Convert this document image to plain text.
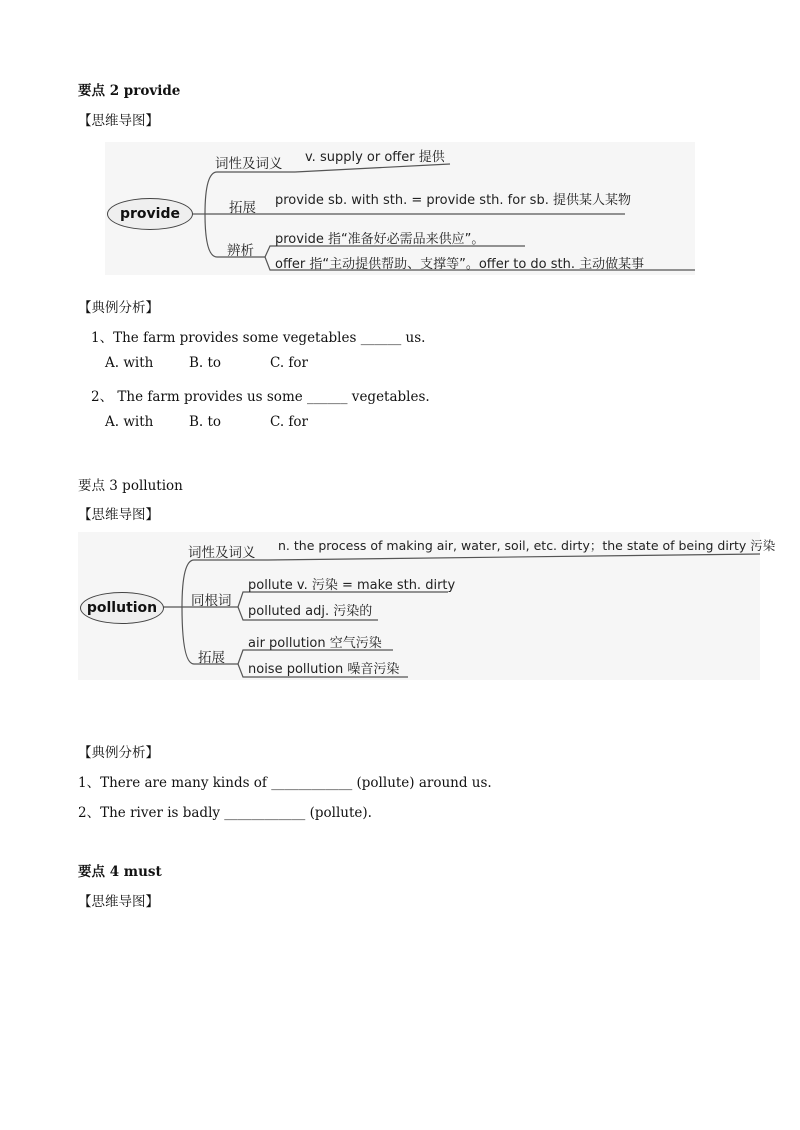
要点 2 provide
【思维导图】
provide
词性及词义 v. supply or offer 提供
拓展 provide sb. with sth. = provide sth. for sb. 提供某人某物
辨析
provide 指“准备好必需品来供应”。
offer 指“主动提供帮助、支撑等”。offer to do sth. 主动做某事
【典例分析】
1、The farm provides some vegetables ______ us.
A. with	B. to	C. for
2、 The farm provides us some ______ vegetables.
A. with	B. to	C. for
要点 3 pollution
【思维导图】
pollution
词性及词义 n. the process of making air, water, soil, etc. dirty；the state of being dirty 污染
同根词
pollute v. 污染 = make sth. dirty
polluted adj. 污染的
拓展
air pollution 空气污染
noise pollution 噪音污染
【典例分析】
1、There are many kinds of ____________ (pollute) around us.
2、The river is badly ____________ (pollute).
要点 4 must
【思维导图】
